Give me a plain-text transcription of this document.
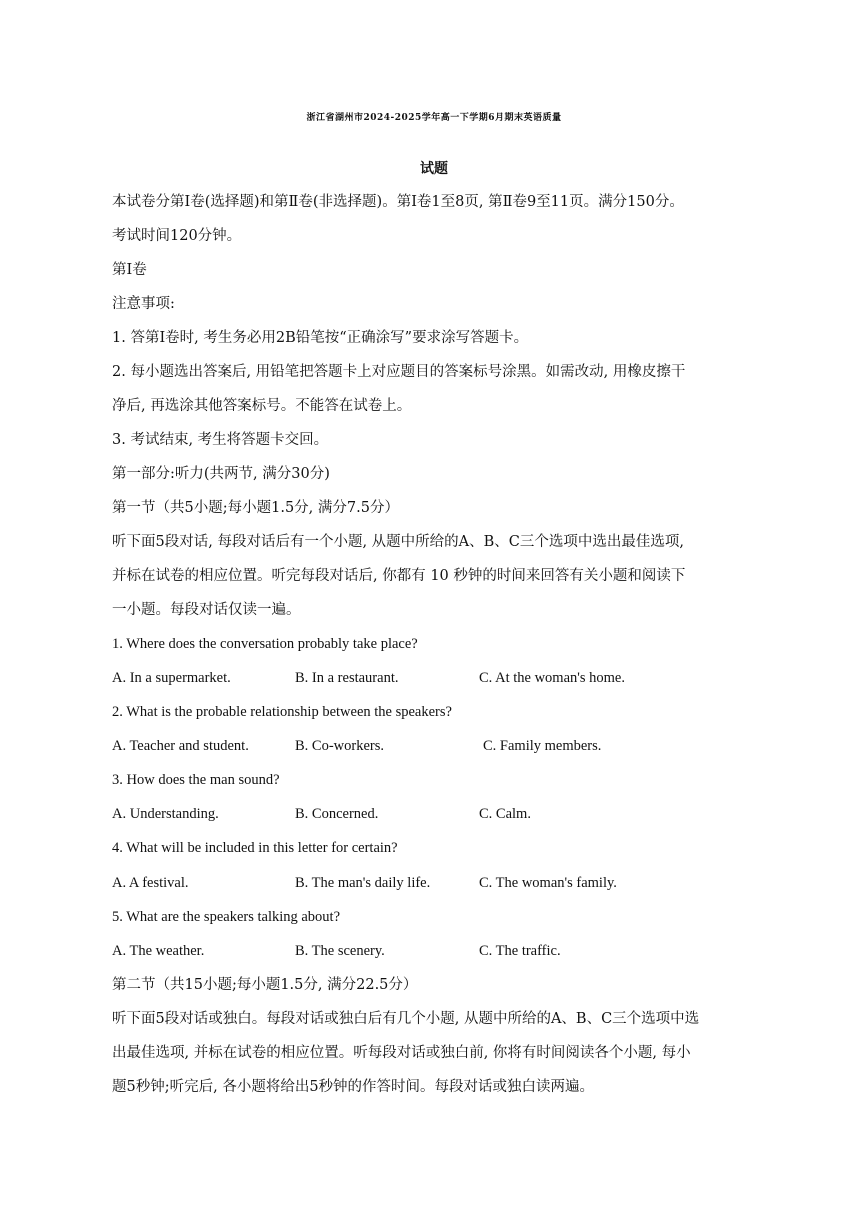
浙江省湖州市2024-2025学年高一下学期6月期末英语质量
试题
本试卷分第Ⅰ卷(选择题)和第Ⅱ卷(非选择题)。第Ⅰ卷1至8页, 第Ⅱ卷9至11页。满分150分。
考试时间120分钟。
第Ⅰ卷
注意事项:
1. 答第Ⅰ卷时, 考生务必用2B铅笔按“正确涂写”要求涂写答题卡。
2. 每小题选出答案后, 用铅笔把答题卡上对应题目的答案标号涂黑。如需改动, 用橡皮擦干
净后, 再选涂其他答案标号。不能答在试卷上。
3. 考试结束, 考生将答题卡交回。
第一部分:听力(共两节, 满分30分)
第一节（共5小题;每小题1.5分, 满分7.5分）
听下面5段对话, 每段对话后有一个小题, 从题中所给的A、B、C三个选项中选出最佳选项,
并标在试卷的相应位置。听完每段对话后, 你都有 10 秒钟的时间来回答有关小题和阅读下
一小题。每段对话仅读一遍。
1. Where does the conversation probably take place?
A. In a supermarket.	B. In a restaurant.	C. At the woman's home.
2. What is the probable relationship between the speakers?
A. Teacher and student.	B. Co-workers.	C. Family members.
3. How does the man sound?
A. Understanding.	B. Concerned.	C. Calm.
4. What will be included in this letter for certain?
A. A festival.	B. The man's daily life.	C. The woman's family.
5. What are the speakers talking about?
A. The weather.	B. The scenery.	C. The traffic.
第二节（共15小题;每小题1.5分, 满分22.5分）
听下面5段对话或独白。每段对话或独白后有几个小题, 从题中所给的A、B、C三个选项中选
出最佳选项, 并标在试卷的相应位置。听每段对话或独白前, 你将有时间阅读各个小题, 每小
题5秒钟;听完后, 各小题将给出5秒钟的作答时间。每段对话或独白读两遍。
